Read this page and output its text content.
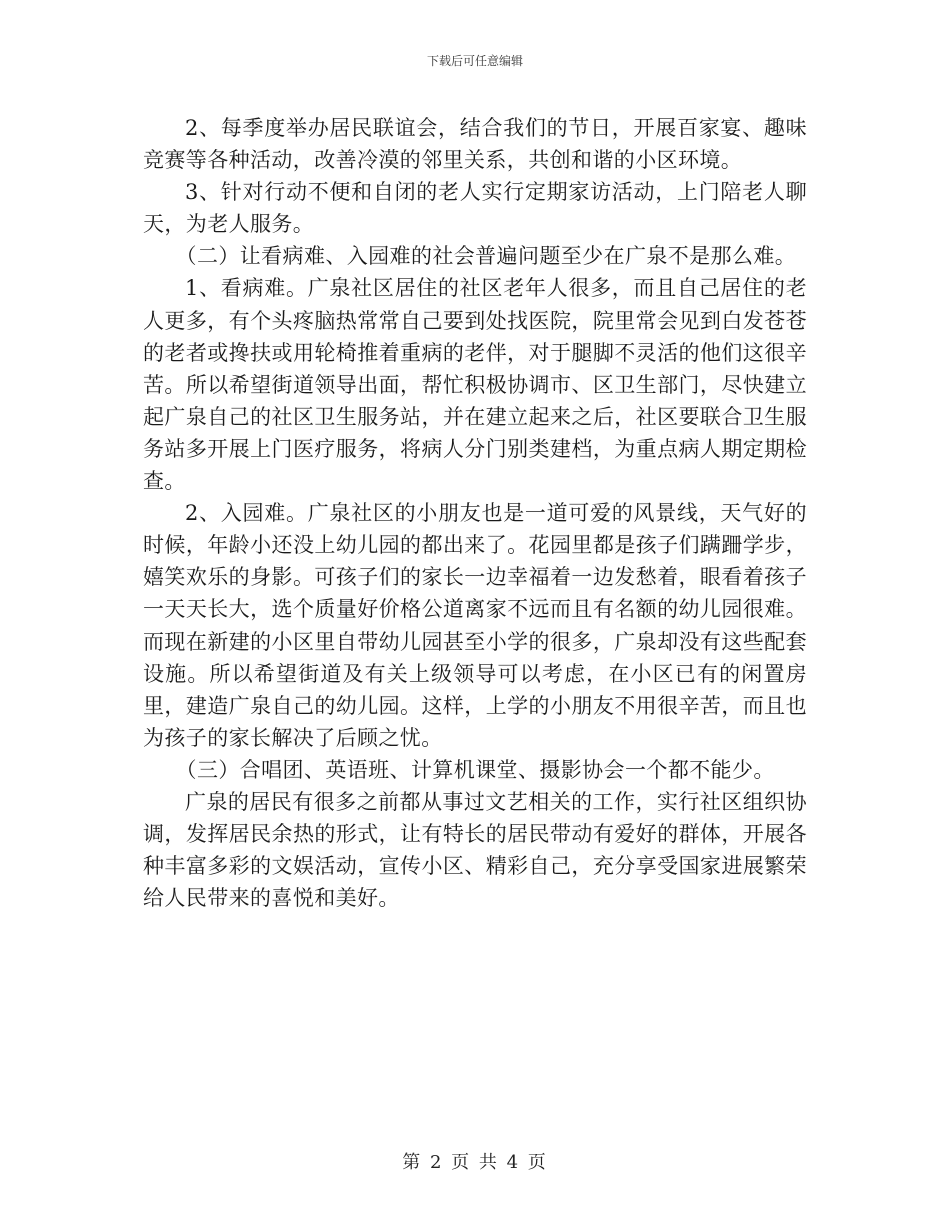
下载后可任意编辑

2、每季度举办居民联谊会，结合我们的节日，开展百家宴、趣味竞赛等各种活动，改善冷漠的邻里关系，共创和谐的小区环境。

3、针对行动不便和自闭的老人实行定期家访活动，上门陪老人聊天，为老人服务。

（二）让看病难、入园难的社会普遍问题至少在广泉不是那么难。

1、看病难。广泉社区居住的社区老年人很多，而且自己居住的老人更多，有个头疼脑热常常自己要到处找医院，院里常会见到白发苍苍的老者或搀扶或用轮椅推着重病的老伴，对于腿脚不灵活的他们这很辛苦。所以希望街道领导出面，帮忙积极协调市、区卫生部门，尽快建立起广泉自己的社区卫生服务站，并在建立起来之后，社区要联合卫生服务站多开展上门医疗服务，将病人分门别类建档，为重点病人期定期检查。

2、入园难。广泉社区的小朋友也是一道可爱的风景线，天气好的时候，年龄小还没上幼儿园的都出来了。花园里都是孩子们蹒跚学步，嬉笑欢乐的身影。可孩子们的家长一边幸福着一边发愁着，眼看着孩子一天天长大，选个质量好价格公道离家不远而且有名额的幼儿园很难。而现在新建的小区里自带幼儿园甚至小学的很多，广泉却没有这些配套设施。所以希望街道及有关上级领导可以考虑，在小区已有的闲置房里，建造广泉自己的幼儿园。这样，上学的小朋友不用很辛苦，而且也为孩子的家长解决了后顾之忧。

（三）合唱团、英语班、计算机课堂、摄影协会一个都不能少。

广泉的居民有很多之前都从事过文艺相关的工作，实行社区组织协调，发挥居民余热的形式，让有特长的居民带动有爱好的群体，开展各种丰富多彩的文娱活动，宣传小区、精彩自己，充分享受国家进展繁荣给人民带来的喜悦和美好。

第 2 页 共 4 页
